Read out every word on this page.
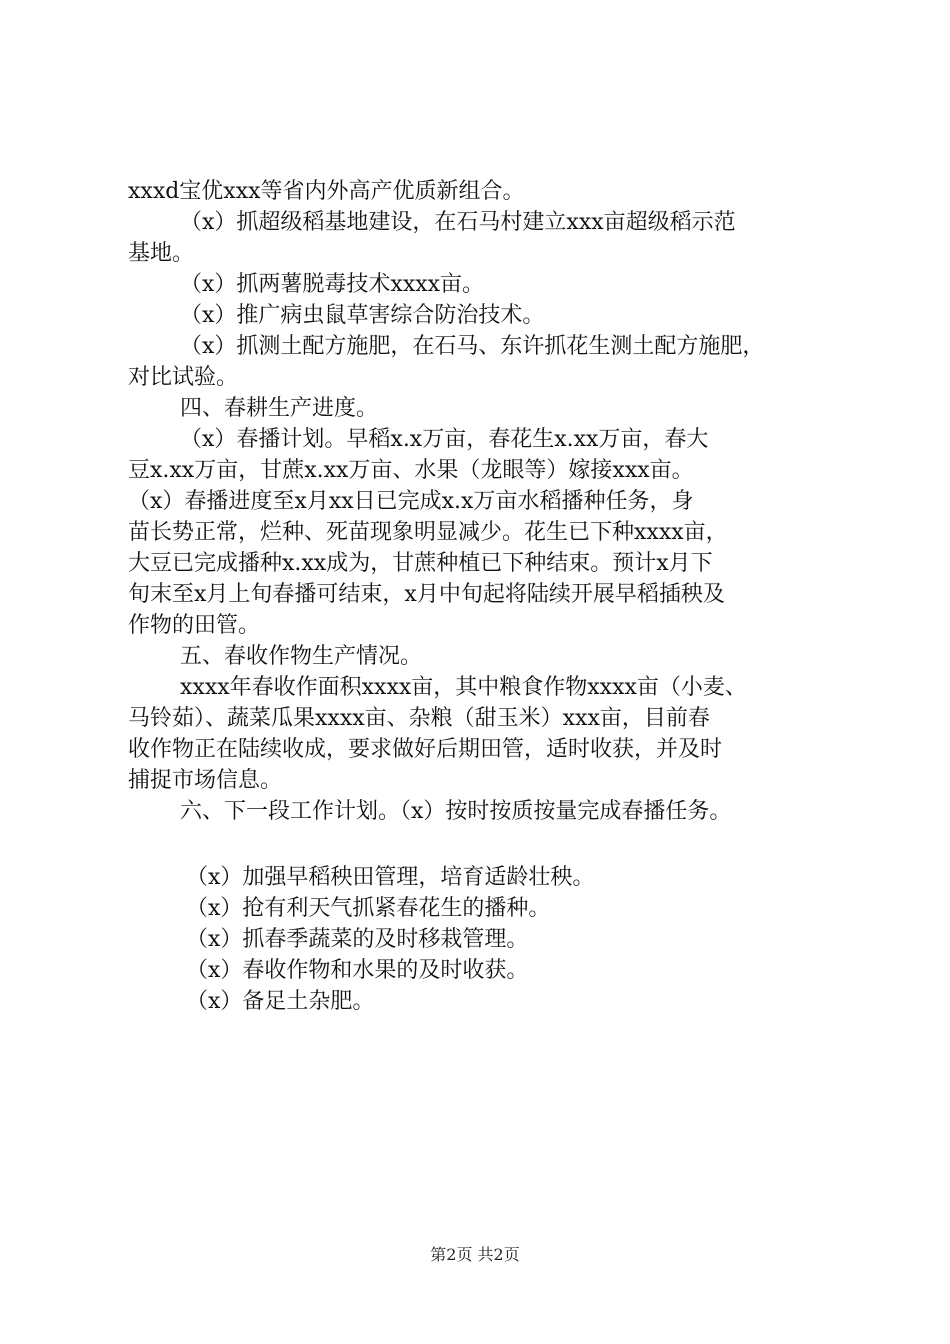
xxxd宝优xxx等省内外高产优质新组合。
（x）抓超级稻基地建设，在石马村建立xxx亩超级稻示范
基地。
（x）抓两薯脱毒技术xxxx亩。
（x）推广病虫鼠草害综合防治技术。
（x）抓测土配方施肥，在石马、东许抓花生测土配方施肥，
对比试验。
四、春耕生产进度。
（x）春播计划。早稻x.x万亩，春花生x.xx万亩，春大
豆x.xx万亩，甘蔗x.xx万亩、水果（龙眼等）嫁接xxx亩。
（x）春播进度至x月xx日已完成x.x万亩水稻播种任务，身
苗长势正常，烂种、死苗现象明显减少。花生已下种xxxx亩，
大豆已完成播种x.xx成为，甘蔗种植已下种结束。预计x月下
旬末至x月上旬春播可结束，x月中旬起将陆续开展早稻插秧及
作物的田管。
五、春收作物生产情况。
xxxx年春收作面积xxxx亩，其中粮食作物xxxx亩（小麦、
马铃茹）、蔬菜瓜果xxxx亩、杂粮（甜玉米）xxx亩，目前春
收作物正在陆续收成，要求做好后期田管，适时收获，并及时
捕捉市场信息。
六、下一段工作计划。（x）按时按质按量完成春播任务。
（x）加强早稻秧田管理，培育适龄壮秧。
（x）抢有利天气抓紧春花生的播种。
（x）抓春季蔬菜的及时移栽管理。
（x）春收作物和水果的及时收获。
（x）备足土杂肥。
第2页 共2页
